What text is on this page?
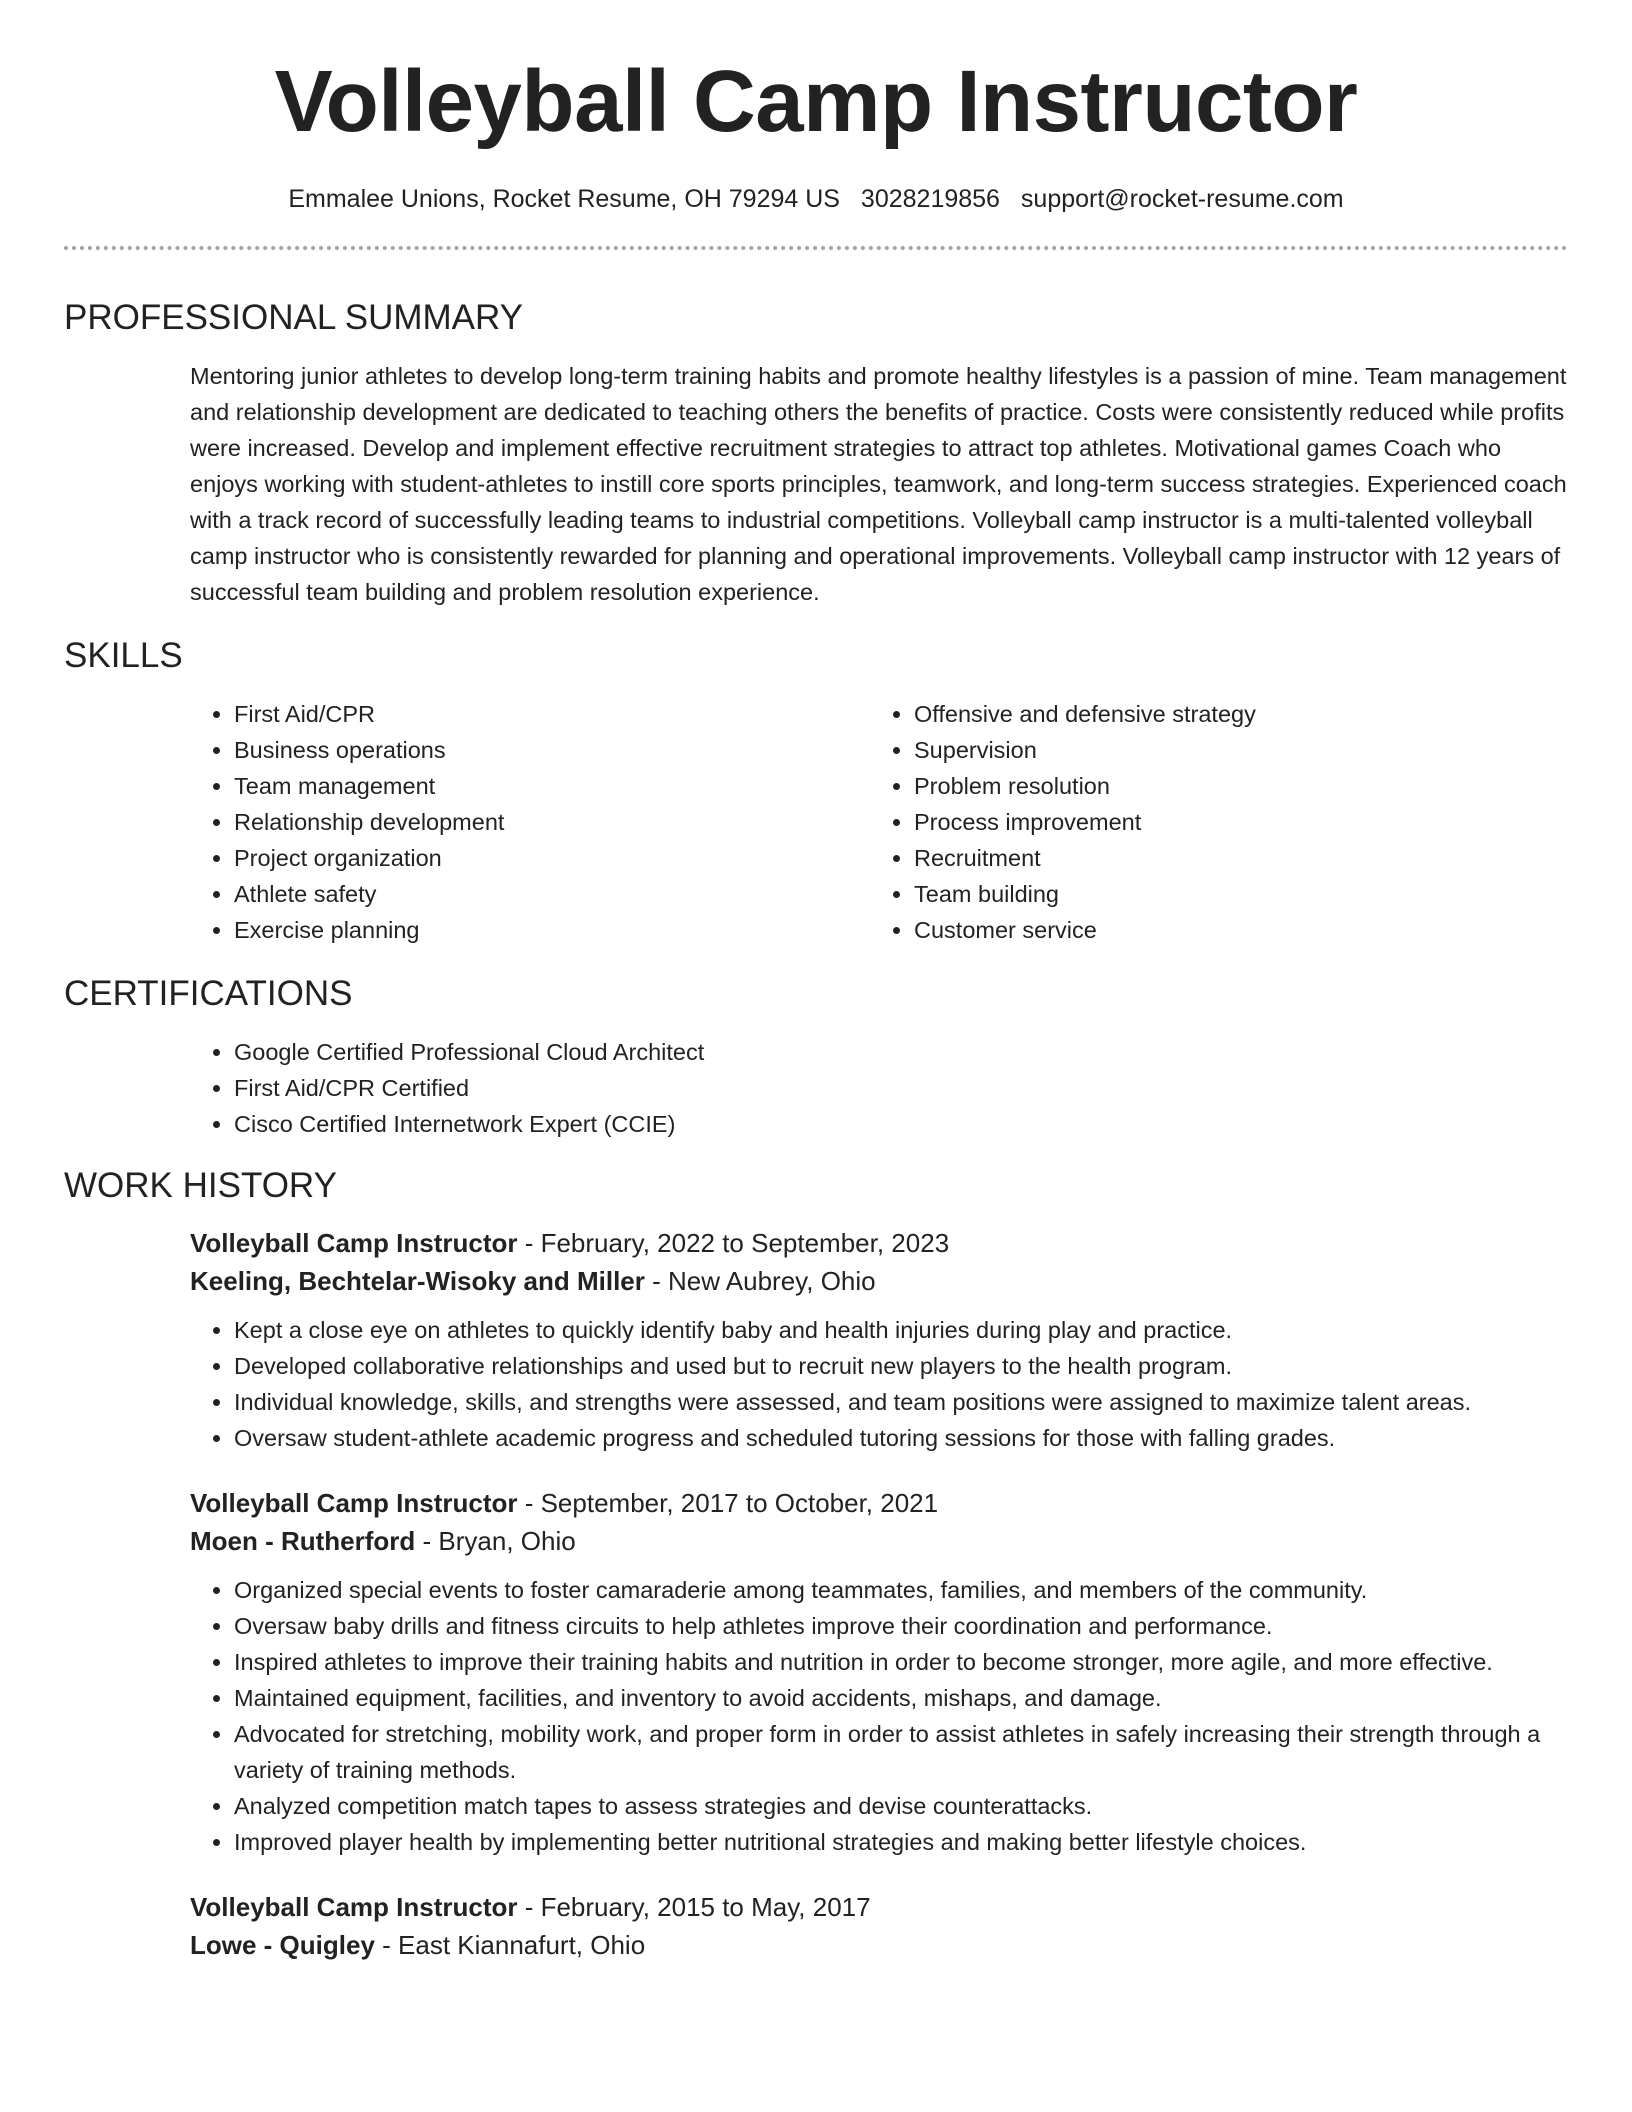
Volleyball Camp Instructor
Emmalee Unions, Rocket Resume, OH 79294 US 3028219856 support@rocket-resume.com
PROFESSIONAL SUMMARY

Mentoring junior athletes to develop long-term training habits and promote healthy lifestyles is a passion of mine. Team management and relationship development are dedicated to teaching others the benefits of practice. Costs were consistently reduced while profits were increased. Develop and implement effective recruitment strategies to attract top athletes. Motivational games Coach who enjoys working with student-athletes to instill core sports principles, teamwork, and long-term success strategies. Experienced coach with a track record of successfully leading teams to industrial competitions. Volleyball camp instructor is a multi-talented volleyball camp instructor who is consistently rewarded for planning and operational improvements. Volleyball camp instructor with 12 years of successful team building and problem resolution experience.

SKILLS
• First Aid/CPR
• Business operations
• Team management
• Relationship development
• Project organization
• Athlete safety
• Exercise planning
• Offensive and defensive strategy
• Supervision
• Problem resolution
• Process improvement
• Recruitment
• Team building
• Customer service
CERTIFICATIONS
• Google Certified Professional Cloud Architect
• First Aid/CPR Certified
• Cisco Certified Internetwork Expert (CCIE)
WORK HISTORY
Volleyball Camp Instructor - February, 2022 to September, 2023
Keeling, Bechtelar-Wisoky and Miller - New Aubrey, Ohio
• Kept a close eye on athletes to quickly identify baby and health injuries during play and practice.
• Developed collaborative relationships and used but to recruit new players to the health program.
• Individual knowledge, skills, and strengths were assessed, and team positions were assigned to maximize talent areas.
• Oversaw student-athlete academic progress and scheduled tutoring sessions for those with falling grades.
Volleyball Camp Instructor - September, 2017 to October, 2021
Moen - Rutherford - Bryan, Ohio
• Organized special events to foster camaraderie among teammates, families, and members of the community.
• Oversaw baby drills and fitness circuits to help athletes improve their coordination and performance.
• Inspired athletes to improve their training habits and nutrition in order to become stronger, more agile, and more effective.
• Maintained equipment, facilities, and inventory to avoid accidents, mishaps, and damage.
• Advocated for stretching, mobility work, and proper form in order to assist athletes in safely increasing their strength through a variety of training methods.
• Analyzed competition match tapes to assess strategies and devise counterattacks.
• Improved player health by implementing better nutritional strategies and making better lifestyle choices.
Volleyball Camp Instructor - February, 2015 to May, 2017
Lowe - Quigley - East Kiannafurt, Ohio
